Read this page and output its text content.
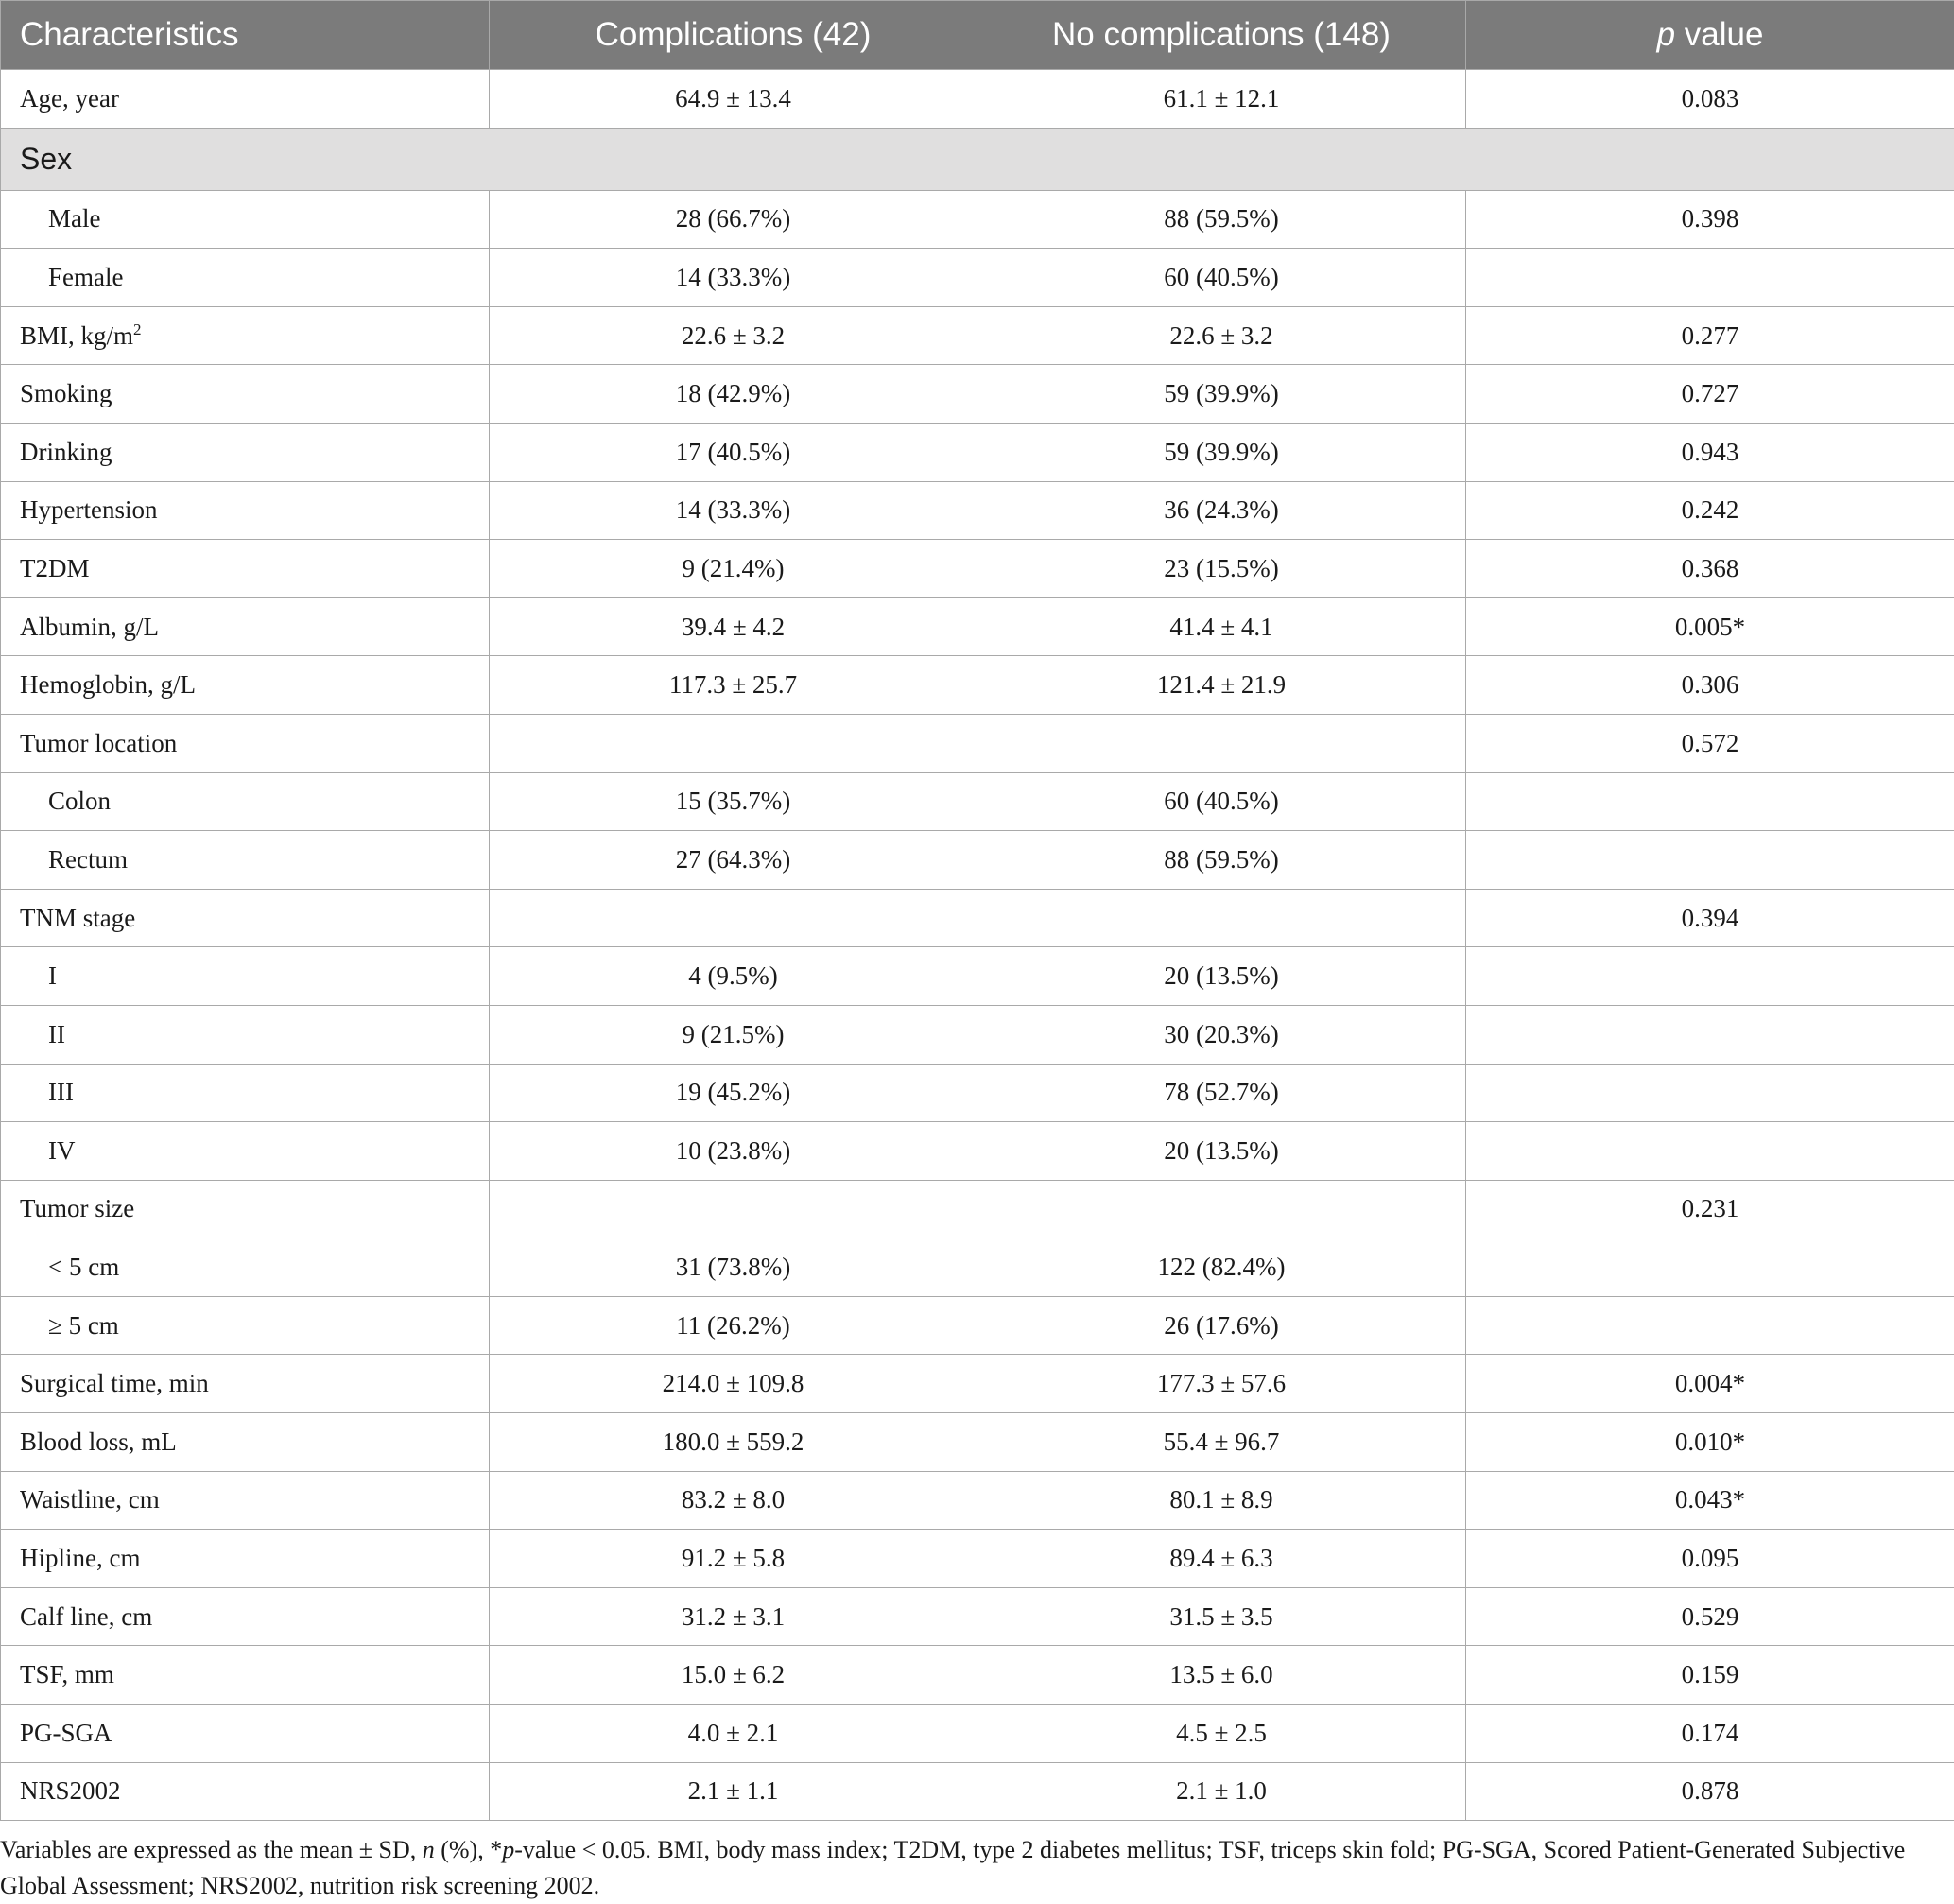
Characteristics	Complications (42)	No complications (148)	p value
Age, year	64.9 ± 13.4	61.1 ± 12.1	0.083
Sex			
Male	28 (66.7%)	88 (59.5%)	0.398
Female	14 (33.3%)	60 (40.5%)	
BMI, $kg/m^2$	22.6 ± 3.2	22.6 ± 3.2	0.277
Smoking	18 (42.9%)	59 (39.9%)	0.727
Drinking	17 (40.5%)	59 (39.9%)	0.943
Hypertension	14 (33.3%)	36 (24.3%)	0.242
T2DM	9 (21.4%)	23 (15.5%)	0.368
Albumin, g/L	39.4 ± 4.2	41.4 ± 4.1	0.005*
Hemoglobin, g/L	117.3 ± 25.7	121.4 ± 21.9	0.306
Tumor location			0.572
Colon	15 (35.7%)	60 (40.5%)	
Rectum	27 (64.3%)	88 (59.5%)	
TNM stage			0.394
I	4 (9.5%)	20 (13.5%)	
II	9 (21.5%)	30 (20.3%)	
III	19 (45.2%)	78 (52.7%)	
IV	10 (23.8%)	20 (13.5%)	
Tumor size			0.231
< 5 cm	31 (73.8%)	122 (82.4%)	
≥ 5 cm	11 (26.2%)	26 (17.6%)	
Surgical time, min	214.0 ± 109.8	177.3 ± 57.6	0.004*
Blood loss, mL	180.0 ± 559.2	55.4 ± 96.7	0.010*
Waistline, cm	83.2 ± 8.0	80.1 ± 8.9	0.043*
Hipline, cm	91.2 ± 5.8	89.4 ± 6.3	0.095
Calf line, cm	31.2 ± 3.1	31.5 ± 3.5	0.529
TSF, mm	15.0 ± 6.2	13.5 ± 6.0	0.159
PG-SGA	4.0 ± 2.1	4.5 ± 2.5	0.174
NRS2002	2.1 ± 1.1	2.1 ± 1.0	0.878
Variables are expressed as the mean ± SD, n (%), *p-value < 0.05. BMI, body mass index; T2DM, type 2 diabetes mellitus; TSF, triceps skin fold; PG-SGA, Scored Patient-Generated Subjective Global Assessment; NRS2002, nutrition risk screening 2002.
